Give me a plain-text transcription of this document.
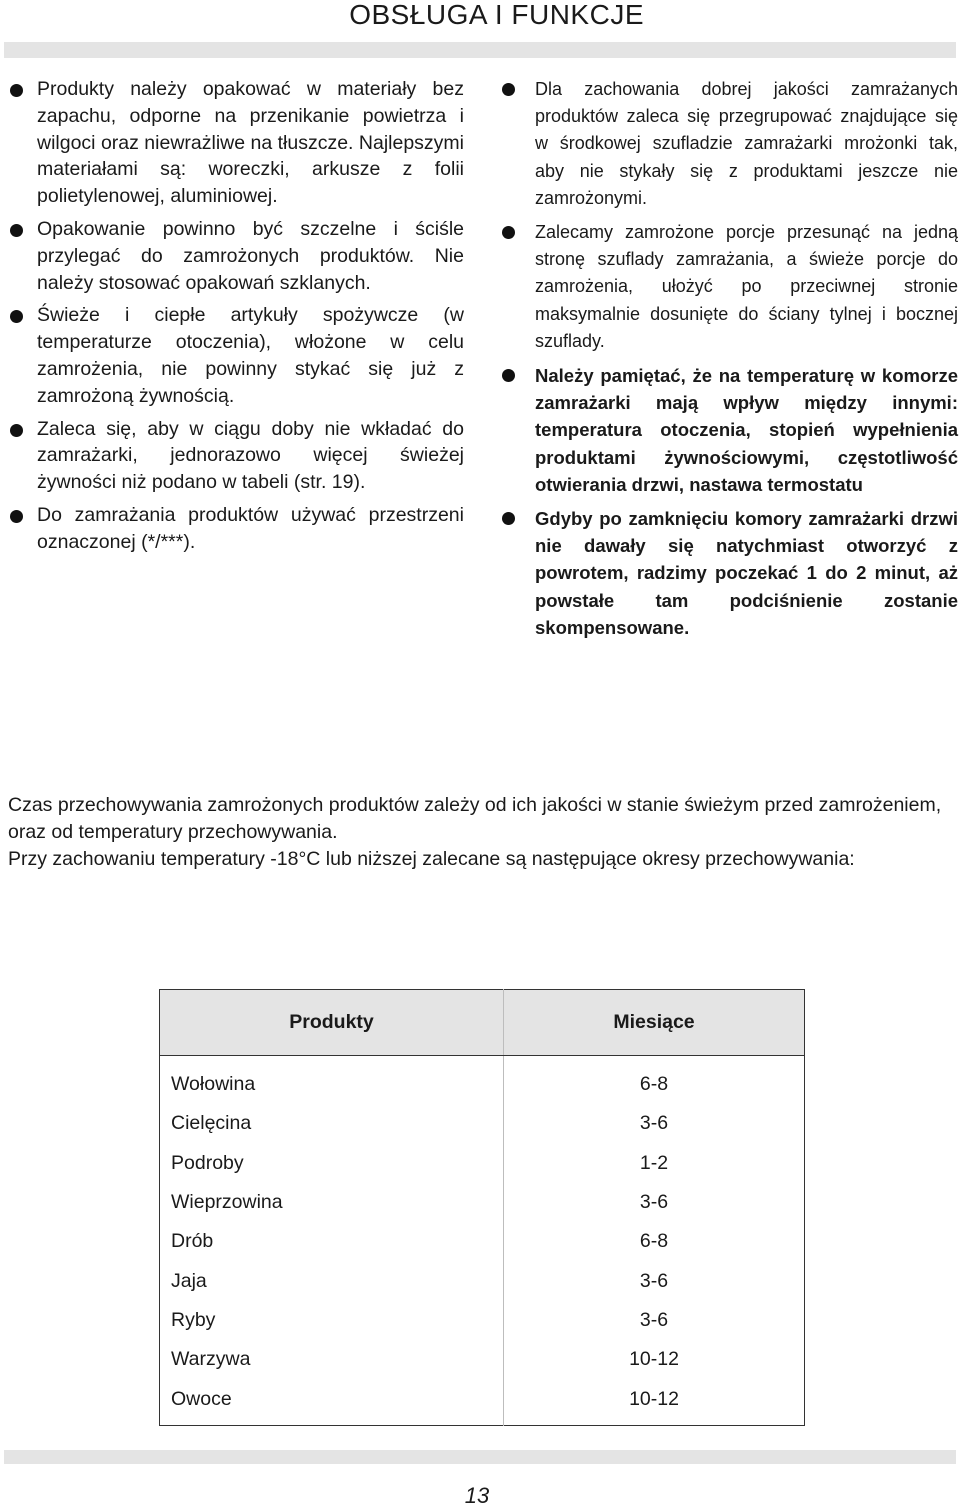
OBSŁUGA I FUNKCJE
Produkty należy opakować w materiały bez zapachu, odporne na przenikanie powietrza i wilgoci oraz niewrażliwe na tłuszcze. Najlepszymi materiałami są: woreczki, arkusze z folii polietylenowej, aluminiowej.
Opakowanie powinno być szczelne i ściśle przylegać do zamrożonych produktów. Nie należy stosować opakowań szklanych.
Świeże i ciepłe artykuły spożywcze (w temperaturze otoczenia), włożone w celu zamrożenia, nie powinny stykać się już z zamrożoną żywnością.
Zaleca się, aby w ciągu doby nie wkładać do zamrażarki, jednorazowo więcej świeżej żywności niż podano w tabeli (str. 19).
Do zamrażania produktów używać przestrzeni oznaczonej (*/***).
Dla zachowania dobrej jakości zamrażanych produktów zaleca się przegrupować znajdujące się w środkowej szufladzie zamrażarki mrożonki tak, aby nie stykały się z produktami jeszcze nie zamrożonymi.
Zalecamy zamrożone porcje przesunąć na jedną stronę szuflady zamrażania, a świeże porcje do zamrożenia, ułożyć po przeciwnej stronie maksymalnie dosunięte do ściany tylnej i bocznej szuflady.
Należy pamiętać, że na temperaturę w komorze zamrażarki mają wpływ między innymi: temperatura otoczenia, stopień wypełnienia produktami żywnościowymi, częstotliwość otwierania drzwi, nastawa termostatu
Gdyby po zamknięciu komory zamrażarki drzwi nie dawały się natychmiast otworzyć z powrotem, radzimy poczekać 1 do 2 minut, aż powstałe tam podciśnienie zostanie skompensowane.

Czas przechowywania zamrożonych produktów zależy od ich jakości w stanie świeżym przed zamrożeniem, oraz od temperatury przechowywania.

Przy zachowaniu temperatury -18°C lub niższej zalecane są następujące okresy przechowywania:

Produkty	Miesiące

Wołowina	6-8
Cielęcina	3-6
Podroby	1-2
Wieprzowina	3-6
Drób	6-8
Jaja	3-6
Ryby	3-6
Warzywa	10-12
Owoce	10-12

13
